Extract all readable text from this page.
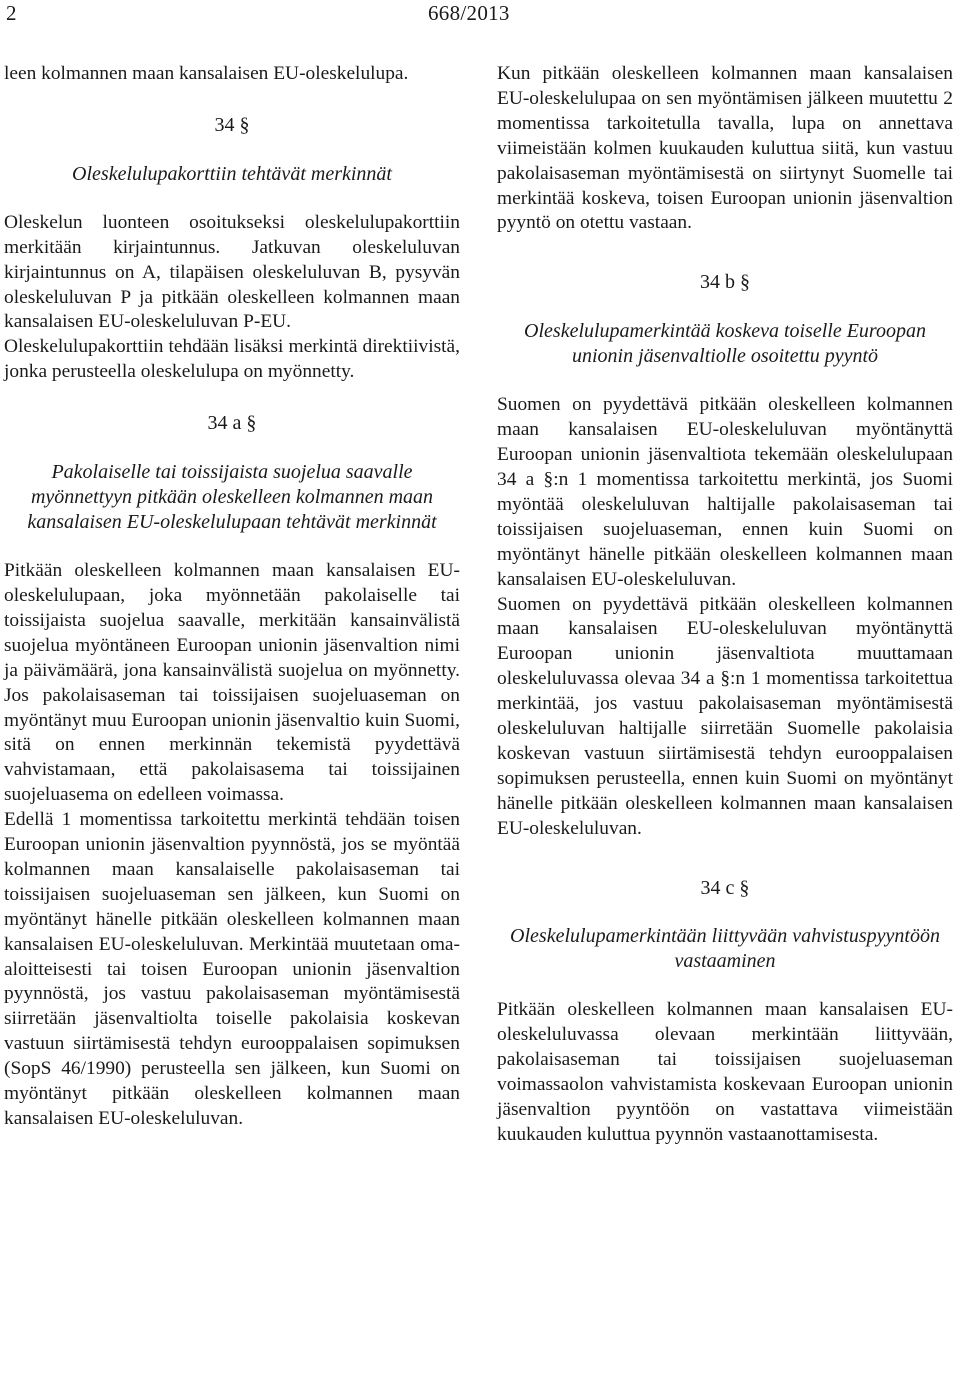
2	668/2013

leen kolmannen maan kansalaisen EU-oleskelulupa.

34 §
Oleskelulupakorttiin tehtävät merkinnät

Oleskelun luonteen osoitukseksi oleskelulupakorttiin merkitään kirjaintunnus. Jatkuvan oleskeluluvan kirjaintunnus on A, tilapäisen oleskeluluvan B, pysyvän oleskeluluvan P ja pitkään oleskelleen kolmannen maan kansalaisen EU-oleskeluluvan P-EU.

Oleskelulupakorttiin tehdään lisäksi merkintä direktiivistä, jonka perusteella oleskelulupa on myönnetty.

34 a §
Pakolaiselle tai toissijaista suojelua saavalle myönnettyyn pitkään oleskelleen kolmannen maan kansalaisen EU-oleskelulupaan tehtävät merkinnät

Pitkään oleskelleen kolmannen maan kansalaisen EU-oleskelulupaan, joka myönnetään pakolaiselle tai toissijaista suojelua saavalle, merkitään kansainvälistä suojelua myöntäneen Euroopan unionin jäsenvaltion nimi ja päivämäärä, jona kansainvälistä suojelua on myönnetty. Jos pakolaisaseman tai toissijaisen suojeluaseman on myöntänyt muu Euroopan unionin jäsenvaltio kuin Suomi, sitä on ennen merkinnän tekemistä pyydettävä vahvistamaan, että pakolaisasema tai toissijainen suojeluasema on edelleen voimassa.

Edellä 1 momentissa tarkoitettu merkintä tehdään toisen Euroopan unionin jäsenvaltion pyynnöstä, jos se myöntää kolmannen maan kansalaiselle pakolaisaseman tai toissijaisen suojeluaseman sen jälkeen, kun Suomi on myöntänyt hänelle pitkään oleskelleen kolmannen maan kansalaisen EU-oleskeluluvan. Merkintää muutetaan oma-aloitteisesti tai toisen Euroopan unionin jäsenvaltion pyynnöstä, jos vastuu pakolaisaseman myöntämisestä siirretään jäsenvaltiolta toiselle pakolaisia koskevan vastuun siirtämisestä tehdyn eurooppalaisen sopimuksen (SopS 46/1990) perusteella sen jälkeen, kun Suomi on myöntänyt pitkään oleskelleen kolmannen maan kansalaisen EU-oleskeluluvan.

Kun pitkään oleskelleen kolmannen maan kansalaisen EU-oleskelulupaa on sen myöntämisen jälkeen muutettu 2 momentissa tarkoitetulla tavalla, lupa on annettava viimeistään kolmen kuukauden kuluttua siitä, kun vastuu pakolaisaseman myöntämisestä on siirtynyt Suomelle tai merkintää koskeva, toisen Euroopan unionin jäsenvaltion pyyntö on otettu vastaan.

34 b §
Oleskelulupamerkintää koskeva toiselle Euroopan unionin jäsenvaltiolle osoitettu pyyntö

Suomen on pyydettävä pitkään oleskelleen kolmannen maan kansalaisen EU-oleskeluluvan myöntänyttä Euroopan unionin jäsenvaltiota tekemään oleskelulupaan 34 a §:n 1 momentissa tarkoitettu merkintä, jos Suomi myöntää oleskeluluvan haltijalle pakolaisaseman tai toissijaisen suojeluaseman, ennen kuin Suomi on myöntänyt hänelle pitkään oleskelleen kolmannen maan kansalaisen EU-oleskeluluvan.

Suomen on pyydettävä pitkään oleskelleen kolmannen maan kansalaisen EU-oleskeluluvan myöntänyttä Euroopan unionin jäsenvaltiota muuttamaan oleskeluluvassa olevaa 34 a §:n 1 momentissa tarkoitettua merkintää, jos vastuu pakolaisaseman myöntämisestä oleskeluluvan haltijalle siirretään Suomelle pakolaisia koskevan vastuun siirtämisestä tehdyn eurooppalaisen sopimuksen perusteella, ennen kuin Suomi on myöntänyt hänelle pitkään oleskelleen kolmannen maan kansalaisen EU-oleskeluluvan.

34 c §
Oleskelulupamerkintään liittyvään vahvistuspyyntöön vastaaminen

Pitkään oleskelleen kolmannen maan kansalaisen EU-oleskeluluvassa olevaan merkintään liittyvään, pakolaisaseman tai toissijaisen suojeluaseman voimassaolon vahvistamista koskevaan Euroopan unionin jäsenvaltion pyyntöön on vastattava viimeistään kuukauden kuluttua pyynnön vastaanottamisesta.
